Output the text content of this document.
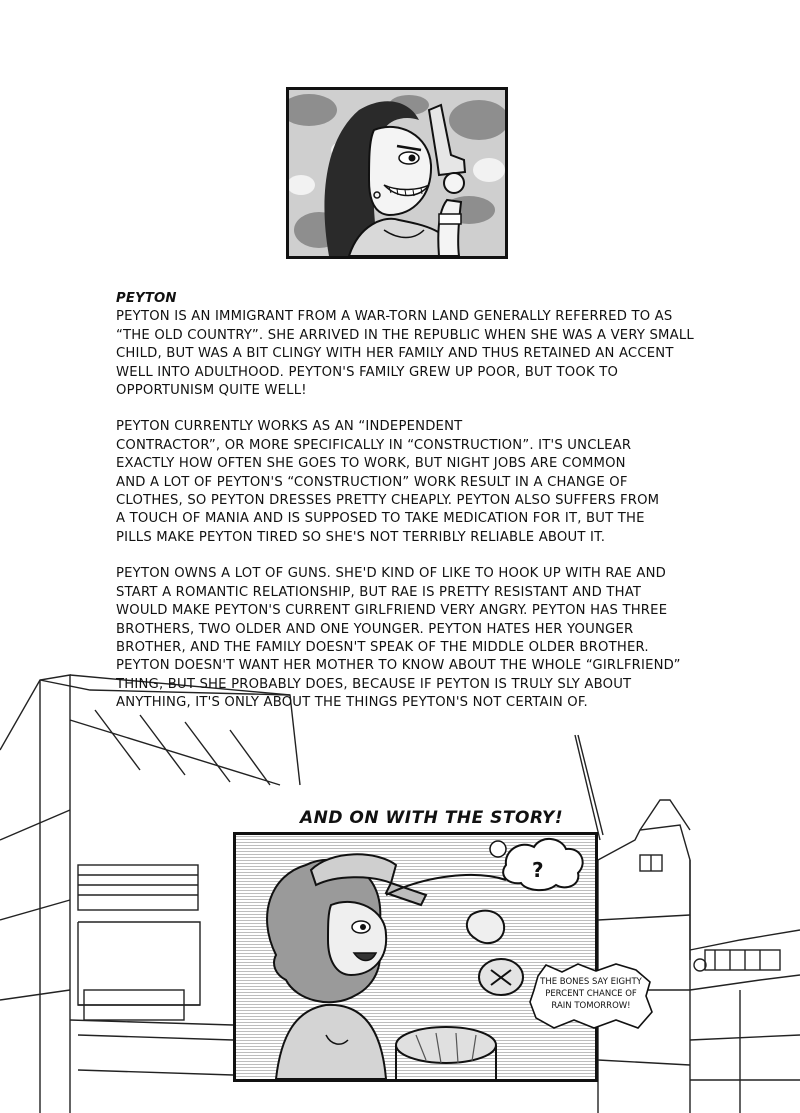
PEYTON

PEYTON IS AN IMMIGRANT FROM A WAR-TORN LAND GENERALLY REFERRED TO AS
“THE OLD COUNTRY”. SHE ARRIVED IN THE REPUBLIC WHEN SHE WAS A VERY SMALL
CHILD, BUT WAS A BIT CLINGY WITH HER FAMILY AND THUS RETAINED AN ACCENT
WELL INTO ADULTHOOD. PEYTON'S FAMILY GREW UP POOR, BUT TOOK TO
OPPORTUNISM QUITE WELL!

PEYTON CURRENTLY WORKS AS AN “INDEPENDENT
CONTRACTOR”, OR MORE SPECIFICALLY IN “CONSTRUCTION”. IT'S UNCLEAR
EXACTLY HOW OFTEN SHE GOES TO WORK, BUT NIGHT JOBS ARE COMMON
AND A LOT OF PEYTON'S “CONSTRUCTION” WORK RESULT IN A CHANGE OF
CLOTHES, SO PEYTON DRESSES PRETTY CHEAPLY. PEYTON ALSO SUFFERS FROM
A TOUCH OF MANIA AND IS SUPPOSED TO TAKE MEDICATION FOR IT, BUT THE
PILLS MAKE PEYTON TIRED SO SHE'S NOT TERRIBLY RELIABLE ABOUT IT.

PEYTON OWNS A LOT OF GUNS. SHE'D KIND OF LIKE TO HOOK UP WITH RAE AND
START A ROMANTIC RELATIONSHIP, BUT RAE IS PRETTY RESISTANT AND THAT
WOULD MAKE PEYTON'S CURRENT GIRLFRIEND VERY ANGRY. PEYTON HAS THREE
BROTHERS, TWO OLDER AND ONE YOUNGER. PEYTON HATES HER YOUNGER
BROTHER, AND THE FAMILY DOESN'T SPEAK OF THE MIDDLE OLDER BROTHER.
PEYTON DOESN'T WANT HER MOTHER TO KNOW ABOUT THE WHOLE “GIRLFRIEND”
THING, BUT SHE PROBABLY DOES, BECAUSE IF PEYTON IS TRULY SLY ABOUT
ANYTHING, IT'S ONLY ABOUT THE THINGS PEYTON'S NOT CERTAIN OF.

AND ON WITH THE STORY!
?
THE BONES SAY EIGHTY PERCENT CHANCE OF RAIN TOMORROW!
